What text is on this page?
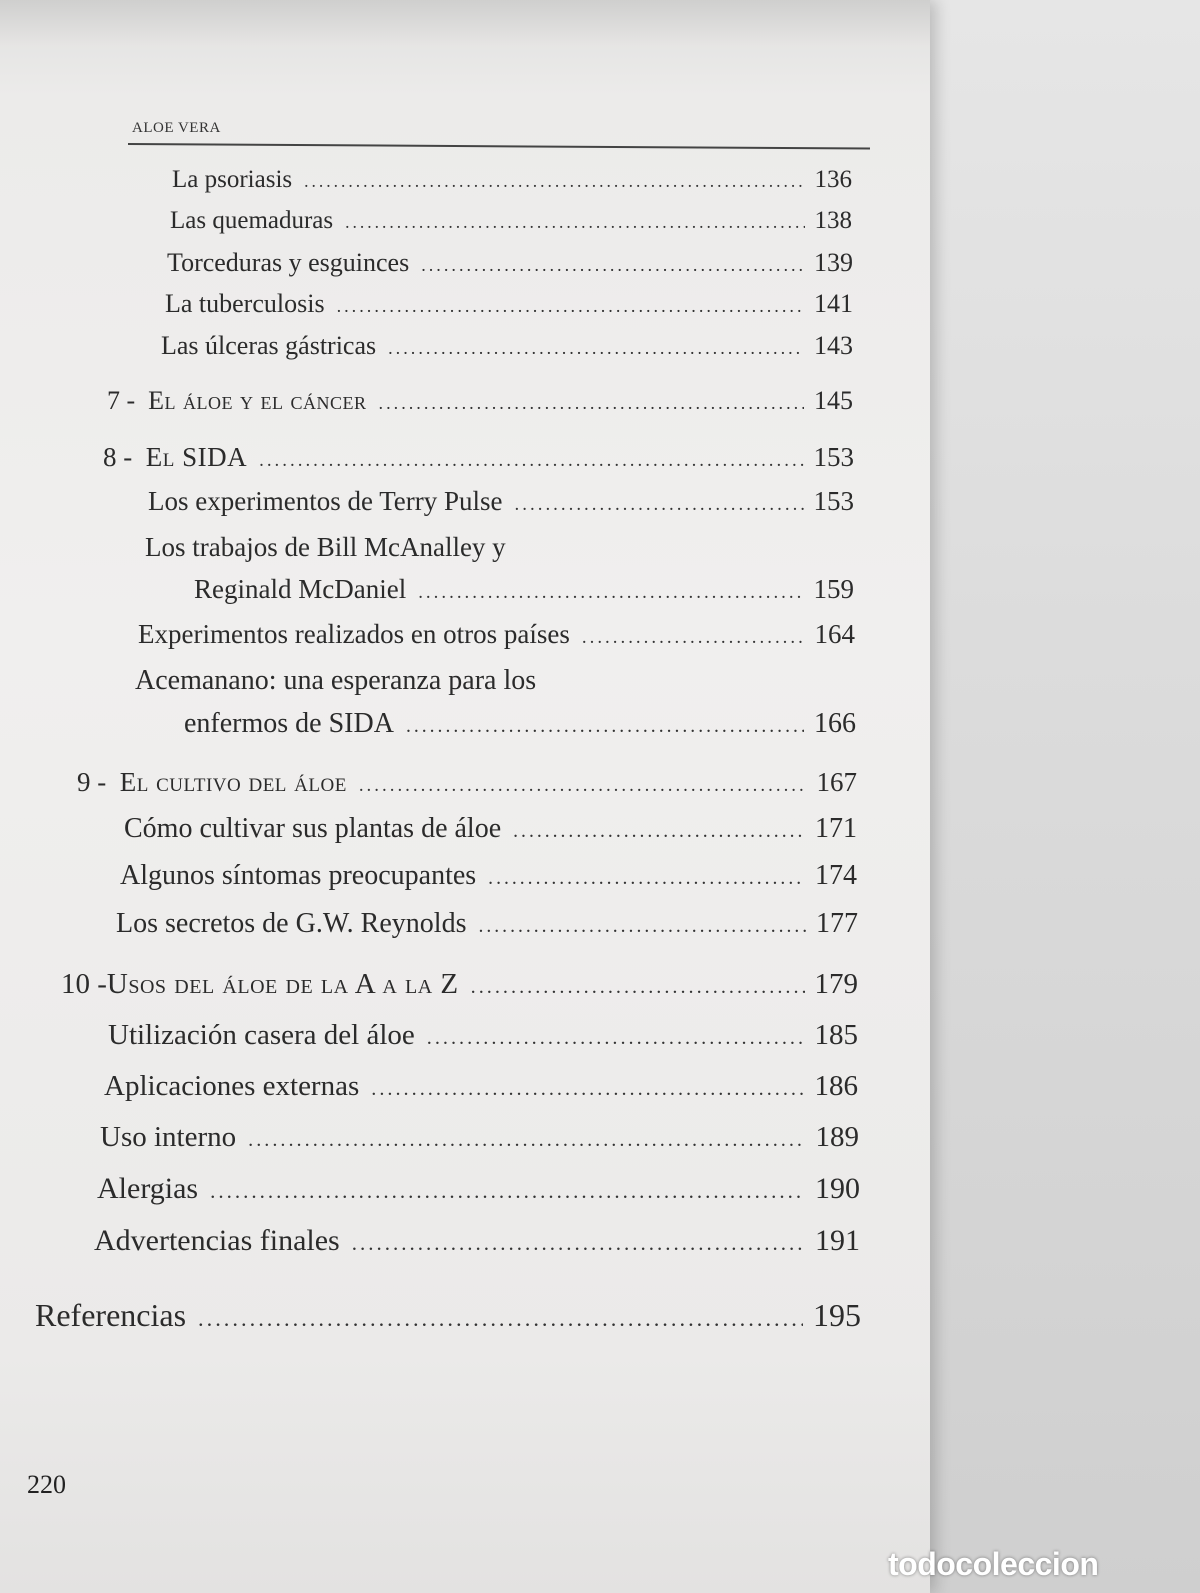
ALOE VERA
La psoriasis .....	136
Las quemaduras .....	138
Torceduras y esguinces .....	139
La tuberculosis .....	141
Las úlceras gástricas .....	143
7 - El áloe y el cáncer .....	145
8 - El SIDA .....	153
Los experimentos de Terry Pulse .....	153
Los trabajos de Bill McAnalley y
Reginald McDaniel .....	159
Experimentos realizados en otros países .....	164
Acemanano: una esperanza para los
enfermos de SIDA .....	166
9 - El cultivo del áloe .....	167
Cómo cultivar sus plantas de áloe .....	171
Algunos síntomas preocupantes .....	174
Los secretos de G.W. Reynolds .....	177
10 -Usos del áloe de la A a la Z .....	179
Utilización casera del áloe .....	185
Aplicaciones externas .....	186
Uso interno .....	189
Alergias .....	190
Advertencias finales .....	191
Referencias .....	195
220
todocoleccion
